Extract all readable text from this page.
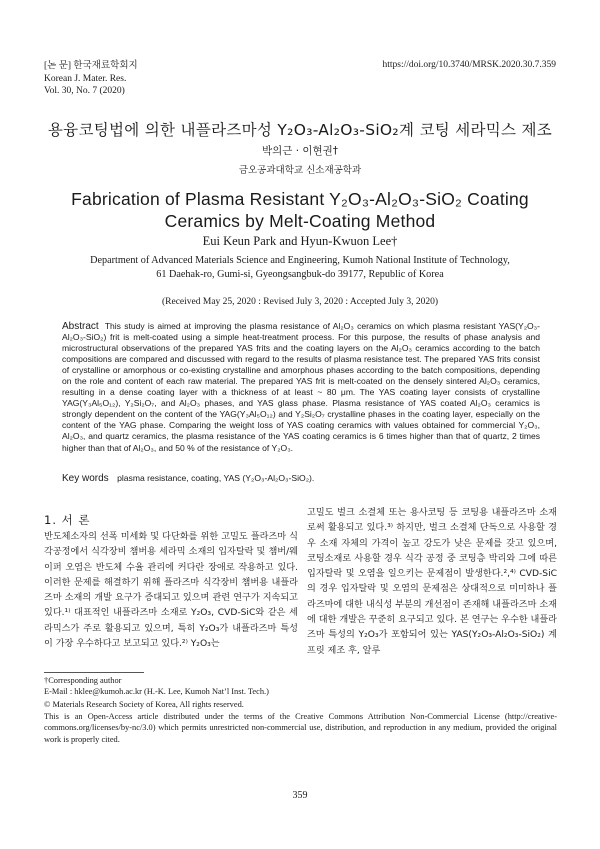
[논 문] 한국재료학회지
Korean J. Mater. Res.
Vol. 30, No. 7 (2020)
https://doi.org/10.3740/MRSK.2020.30.7.359
용융코팅법에 의한 내플라즈마성 Y₂O₃-Al₂O₃-SiO₂계 코팅 세라믹스 제조
박의근 · 이현권†
금오공과대학교 신소재공학과
Fabrication of Plasma Resistant Y₂O₃-Al₂O₃-SiO₂ Coating
Ceramics by Melt-Coating Method
Eui Keun Park and Hyun-Kwuon Lee†
Department of Advanced Materials Science and Engineering, Kumoh National Institute of Technology,
61 Daehak-ro, Gumi-si, Gyeongsangbuk-do 39177, Republic of Korea
(Received May 25, 2020 : Revised July 3, 2020 : Accepted July 3, 2020)
Abstract This study is aimed at improving the plasma resistance of Al₂O₃ ceramics on which plasma resistant YAS(Y₂O₃-Al₂O₃-SiO₂) frit is melt-coated using a simple heat-treatment process. For this purpose, the results of phase analysis and microstructural observations of the prepared YAS frits and the coating layers on the Al₂O₃ ceramics according to the batch compositions are compared and discussed with regard to the results of plasma resistance test. The prepared YAS frits consist of crystalline or amorphous or co-existing crystalline and amorphous phases according to the batch compositions, depending on the role and content of each raw material. The prepared YAS frit is melt-coated on the densely sintered Al₂O₃ ceramics, resulting in a dense coating layer with a thickness of at least ~ 80 μm. The YAS coating layer consists of crystalline YAG(Y₃Al₅O₁₂), Y₂Si₂O₇, and Al₂O₃ phases, and YAS glass phase. Plasma resistance of YAS coated Al₂O₃ ceramics is strongly dependent on the content of the YAG(Y₃Al₅O₁₂) and Y₂Si₂O₇ crystalline phases in the coating layer, especially on the content of the YAG phase. Comparing the weight loss of YAS coating ceramics with values obtained for commercial Y₂O₃, Al₂O₃, and quartz ceramics, the plasma resistance of the YAS coating ceramics is 6 times higher than that of quartz, 2 times higher than that of Al₂O₃, and 50 % of the resistance of Y₂O₃.
Key words plasma resistance, coating, YAS (Y₂O₃-Al₂O₃-SiO₂).
1. 서 론
반도체소자의 선폭 미세화 및 다단화를 위한 고밀도 플라즈마 식각공정에서 식각장비 챔버용 세라믹 소재의 입자탈락 및 챔버/웨이퍼 오염은 반도체 수율 관리에 커다란 장애로 작용하고 있다. 이러한 문제를 해결하기 위해 플라즈마 식각장비 챔버용 내플라즈마 소재의 개발 요구가 증대되고 있으며 관련 연구가 지속되고 있다.¹⁾ 대표적인 내플라즈마 소재로 Y₂O₃, CVD-SiC와 같은 세라믹스가 주로 활용되고 있으며, 특히 Y₂O₃가 내플라즈마 특성이 가장 우수하다고 보고되고 있다.²⁾ Y₂O₃는
고밀도 벌크 소결체 또는 용사코팅 등 코팅용 내플라즈마 소재로써 활용되고 있다.³⁾ 하지만, 벌크 소결체 단독으로 사용할 경우 소재 자체의 가격이 높고 강도가 낮은 문제를 갖고 있으며, 코팅소재로 사용할 경우 식각 공정 중 코팅층 박리와 그에 따른 입자탈락 및 오염을 일으키는 문제점이 발생한다.²,⁴⁾ CVD-SiC의 경우 입자탈락 및 오염의 문제점은 상대적으로 미미하나 플라즈마에 대한 내식성 부분의 개선점이 존재해 내플라즈마 소재에 대한 개발은 꾸준히 요구되고 있다. 본 연구는 우수한 내플라즈마 특성의 Y₂O₃가 포함되어 있는 YAS(Y₂O₃-Al₂O₃-SiO₂) 계 프릿 제조 후, 알루
†Corresponding author
E-Mail : hklee@kumoh.ac.kr (H.-K. Lee, Kumoh Nat’l Inst. Tech.)
© Materials Research Society of Korea, All rights reserved.
This is an Open-Access article distributed under the terms of the Creative Commons Attribution Non-Commercial License (http://creative-commons.org/licenses/by-nc/3.0) which permits unrestricted non-commercial use, distribution, and reproduction in any medium, provided the original work is properly cited.
359
